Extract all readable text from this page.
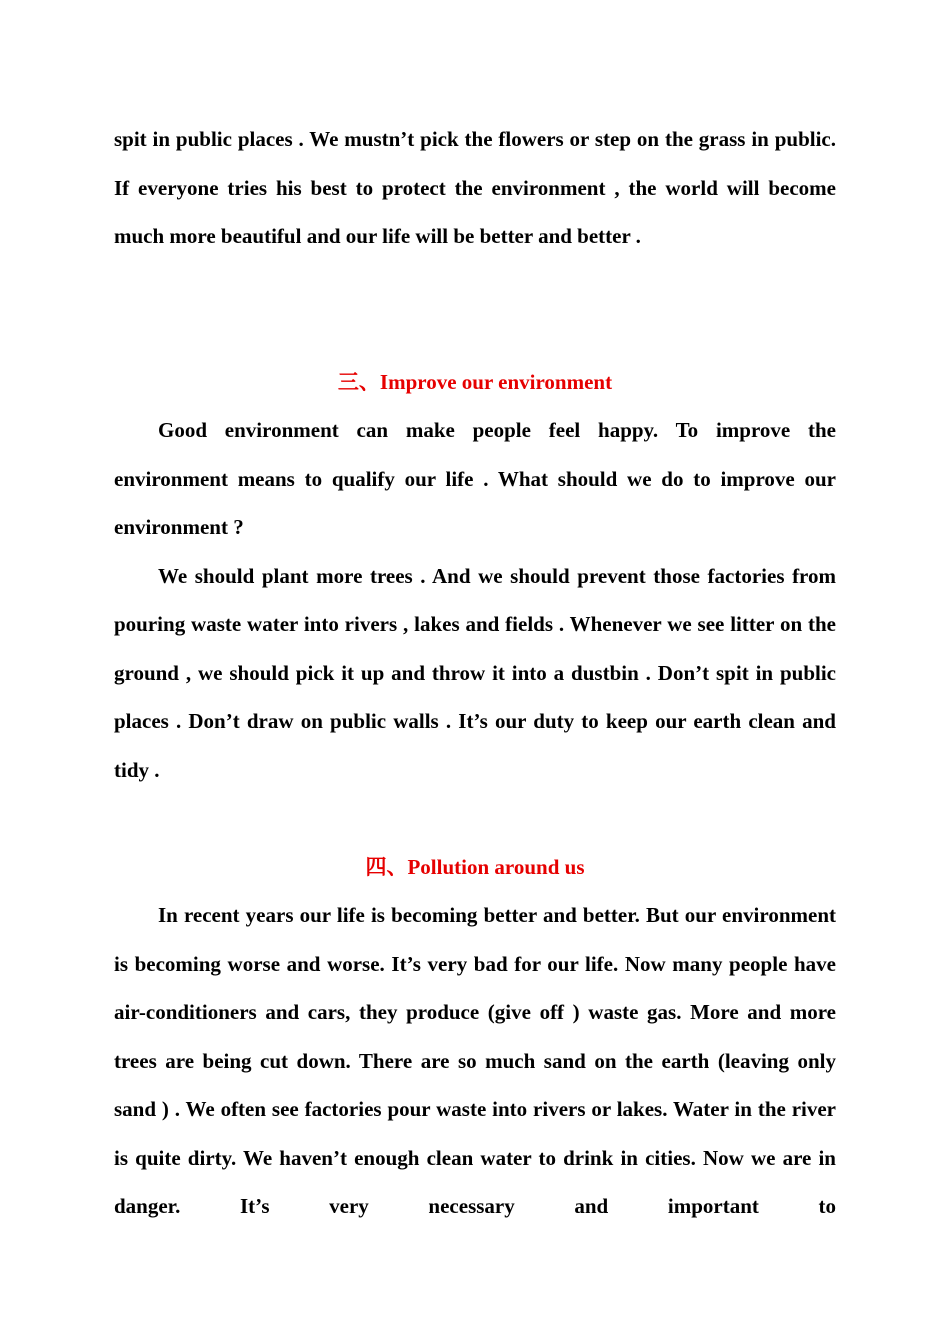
spit in public places . We mustn’t pick the flowers or step on the grass in public. If everyone tries his best to protect the environment , the world will become much more beautiful and our life will be better and better .

三、Improve our environment

Good environment can make people feel happy. To improve the environment means to qualify our life . What should we do to improve our environment ?

We should plant more trees . And we should prevent those factories from pouring waste water into rivers , lakes and fields . Whenever we see litter on the ground , we should pick it up and throw it into a dustbin . Don’t spit in public places . Don’t draw on public walls . It’s our duty to keep our earth clean and tidy .

四、Pollution around us

In recent years our life is becoming better and better. But our environment is becoming worse and worse. It’s very bad for our life. Now many people have air-conditioners and cars, they produce (give off ) waste gas. More and more trees are being cut down. There are so much sand on the earth (leaving only sand ) . We often see factories pour waste into rivers or lakes. Water in the river is quite dirty. We haven’t enough clean water to drink in cities. Now we are in danger. It’s very necessary and important to
